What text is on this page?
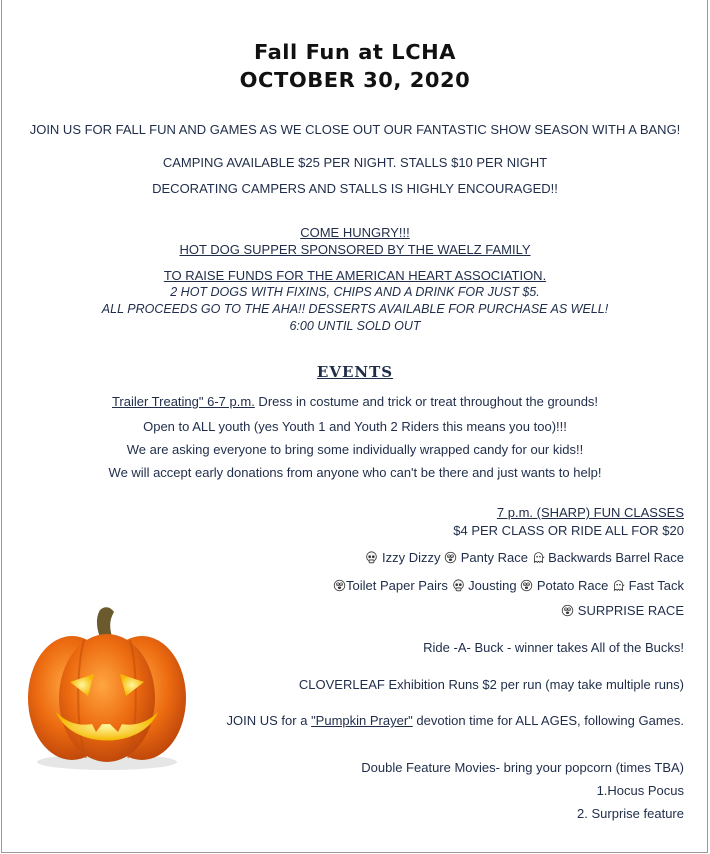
Fall Fun at LCHA
OCTOBER 30, 2020
JOIN US FOR FALL FUN AND GAMES AS WE CLOSE OUT OUR FANTASTIC SHOW SEASON WITH A BANG!
CAMPING AVAILABLE $25 PER NIGHT. STALLS $10 PER NIGHT
DECORATING CAMPERS AND STALLS IS HIGHLY ENCOURAGED!!
COME HUNGRY!!!
HOT DOG SUPPER SPONSORED BY THE WAELZ FAMILY
TO RAISE FUNDS FOR THE AMERICAN HEART ASSOCIATION.
2 HOT DOGS WITH FIXINS, CHIPS AND A DRINK FOR JUST $5.
ALL PROCEEDS GO TO THE AHA!! DESSERTS AVAILABLE FOR PURCHASE AS WELL!
6:00 UNTIL SOLD OUT
EVENTS
Trailer Treating" 6-7 p.m. Dress in costume and trick or treat throughout the grounds!
Open to ALL youth (yes Youth 1 and Youth 2 Riders this means you too)!!!
We are asking everyone to bring some individually wrapped candy for our kids!!
We will accept early donations from anyone who can't be there and just wants to help!
7 p.m. (SHARP) FUN CLASSES
$4 PER CLASS OR RIDE ALL FOR $20
Izzy Dizzy Panty Race Backwards Barrel Race
Toilet Paper Pairs Jousting Potato Race Fast Tack
SURPRISE RACE
Ride -A- Buck - winner takes All of the Bucks!
CLOVERLEAF Exhibition Runs $2 per run (may take multiple runs)
JOIN US for a "Pumpkin Prayer" devotion time for ALL AGES, following Games.
Double Feature Movies- bring your popcorn (times TBA)
1.Hocus Pocus
2. Surprise feature
